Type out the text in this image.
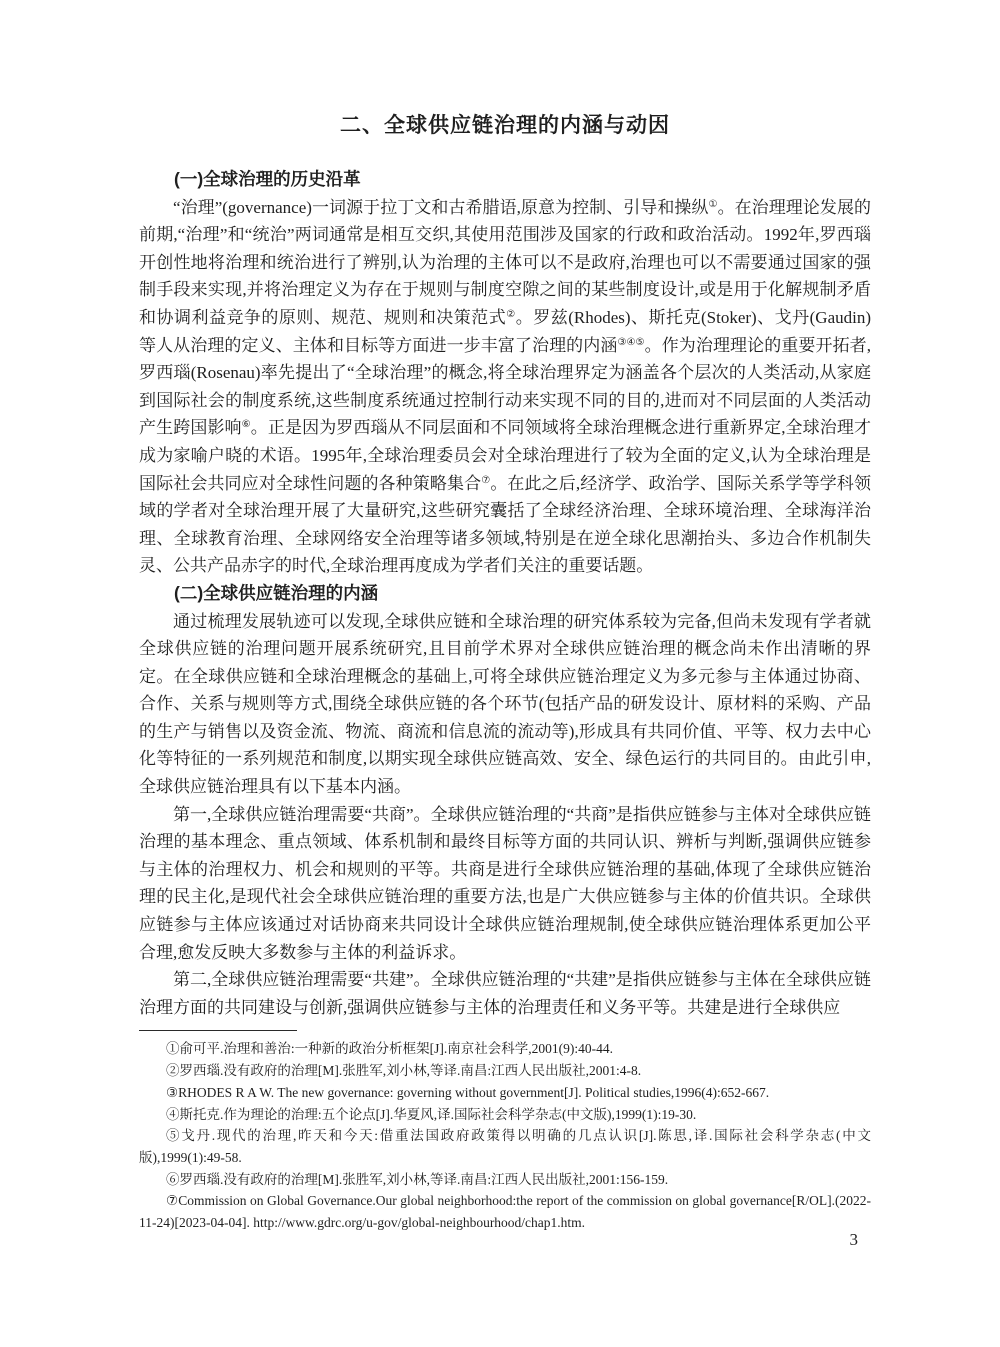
二、全球供应链治理的内涵与动因
(一)全球治理的历史沿革

“治理”(governance)一词源于拉丁文和古希腊语,原意为控制、引导和操纵①。在治理理论发展的前期,“治理”和“统治”两词通常是相互交织,其使用范围涉及国家的行政和政治活动。1992年,罗西瑙开创性地将治理和统治进行了辨别,认为治理的主体可以不是政府,治理也可以不需要通过国家的强制手段来实现,并将治理定义为存在于规则与制度空隙之间的某些制度设计,或是用于化解规制矛盾和协调利益竞争的原则、规范、规则和决策范式②。罗兹(Rhodes)、斯托克(Stoker)、戈丹(Gaudin)等人从治理的定义、主体和目标等方面进一步丰富了治理的内涵③④⑤。作为治理理论的重要开拓者,罗西瑙(Rosenau)率先提出了“全球治理”的概念,将全球治理界定为涵盖各个层次的人类活动,从家庭到国际社会的制度系统,这些制度系统通过控制行动来实现不同的目的,进而对不同层面的人类活动产生跨国影响⑥。正是因为罗西瑙从不同层面和不同领域将全球治理概念进行重新界定,全球治理才成为家喻户晓的术语。1995年,全球治理委员会对全球治理进行了较为全面的定义,认为全球治理是国际社会共同应对全球性问题的各种策略集合⑦。在此之后,经济学、政治学、国际关系学等学科领域的学者对全球治理开展了大量研究,这些研究囊括了全球经济治理、全球环境治理、全球海洋治理、全球教育治理、全球网络安全治理等诸多领域,特别是在逆全球化思潮抬头、多边合作机制失灵、公共产品赤字的时代,全球治理再度成为学者们关注的重要话题。

(二)全球供应链治理的内涵

通过梳理发展轨迹可以发现,全球供应链和全球治理的研究体系较为完备,但尚未发现有学者就全球供应链的治理问题开展系统研究,且目前学术界对全球供应链治理的概念尚未作出清晰的界定。在全球供应链和全球治理概念的基础上,可将全球供应链治理定义为多元参与主体通过协商、合作、关系与规则等方式,围绕全球供应链的各个环节(包括产品的研发设计、原材料的采购、产品的生产与销售以及资金流、物流、商流和信息流的流动等),形成具有共同价值、平等、权力去中心化等特征的一系列规范和制度,以期实现全球供应链高效、安全、绿色运行的共同目的。由此引申,全球供应链治理具有以下基本内涵。

第一,全球供应链治理需要“共商”。全球供应链治理的“共商”是指供应链参与主体对全球供应链治理的基本理念、重点领域、体系机制和最终目标等方面的共同认识、辨析与判断,强调供应链参与主体的治理权力、机会和规则的平等。共商是进行全球供应链治理的基础,体现了全球供应链治理的民主化,是现代社会全球供应链治理的重要方法,也是广大供应链参与主体的价值共识。全球供应链参与主体应该通过对话协商来共同设计全球供应链治理规制,使全球供应链治理体系更加公平合理,愈发反映大多数参与主体的利益诉求。

第二,全球供应链治理需要“共建”。全球供应链治理的“共建”是指供应链参与主体在全球供应链治理方面的共同建设与创新,强调供应链参与主体的治理责任和义务平等。共建是进行全球供应

①俞可平.治理和善治:一种新的政治分析框架[J].南京社会科学,2001(9):40-44.

②罗西瑙.没有政府的治理[M].张胜军,刘小林,等译.南昌:江西人民出版社,2001:4-8.

③RHODES R A W. The new governance: governing without government[J]. Political studies,1996(4):652-667.

④斯托克.作为理论的治理:五个论点[J].华夏风,译.国际社会科学杂志(中文版),1999(1):19-30.

⑤戈丹.现代的治理,昨天和今天:借重法国政府政策得以明确的几点认识[J].陈思,译.国际社会科学杂志(中文版),1999(1):49-58.

⑥罗西瑙.没有政府的治理[M].张胜军,刘小林,等译.南昌:江西人民出版社,2001:156-159.

⑦Commission on Global Governance.Our global neighborhood:the report of the commission on global governance[R/OL].(2022-11-24)[2023-04-04]. http://www.gdrc.org/u-gov/global-neighbourhood/chap1.htm.

3
